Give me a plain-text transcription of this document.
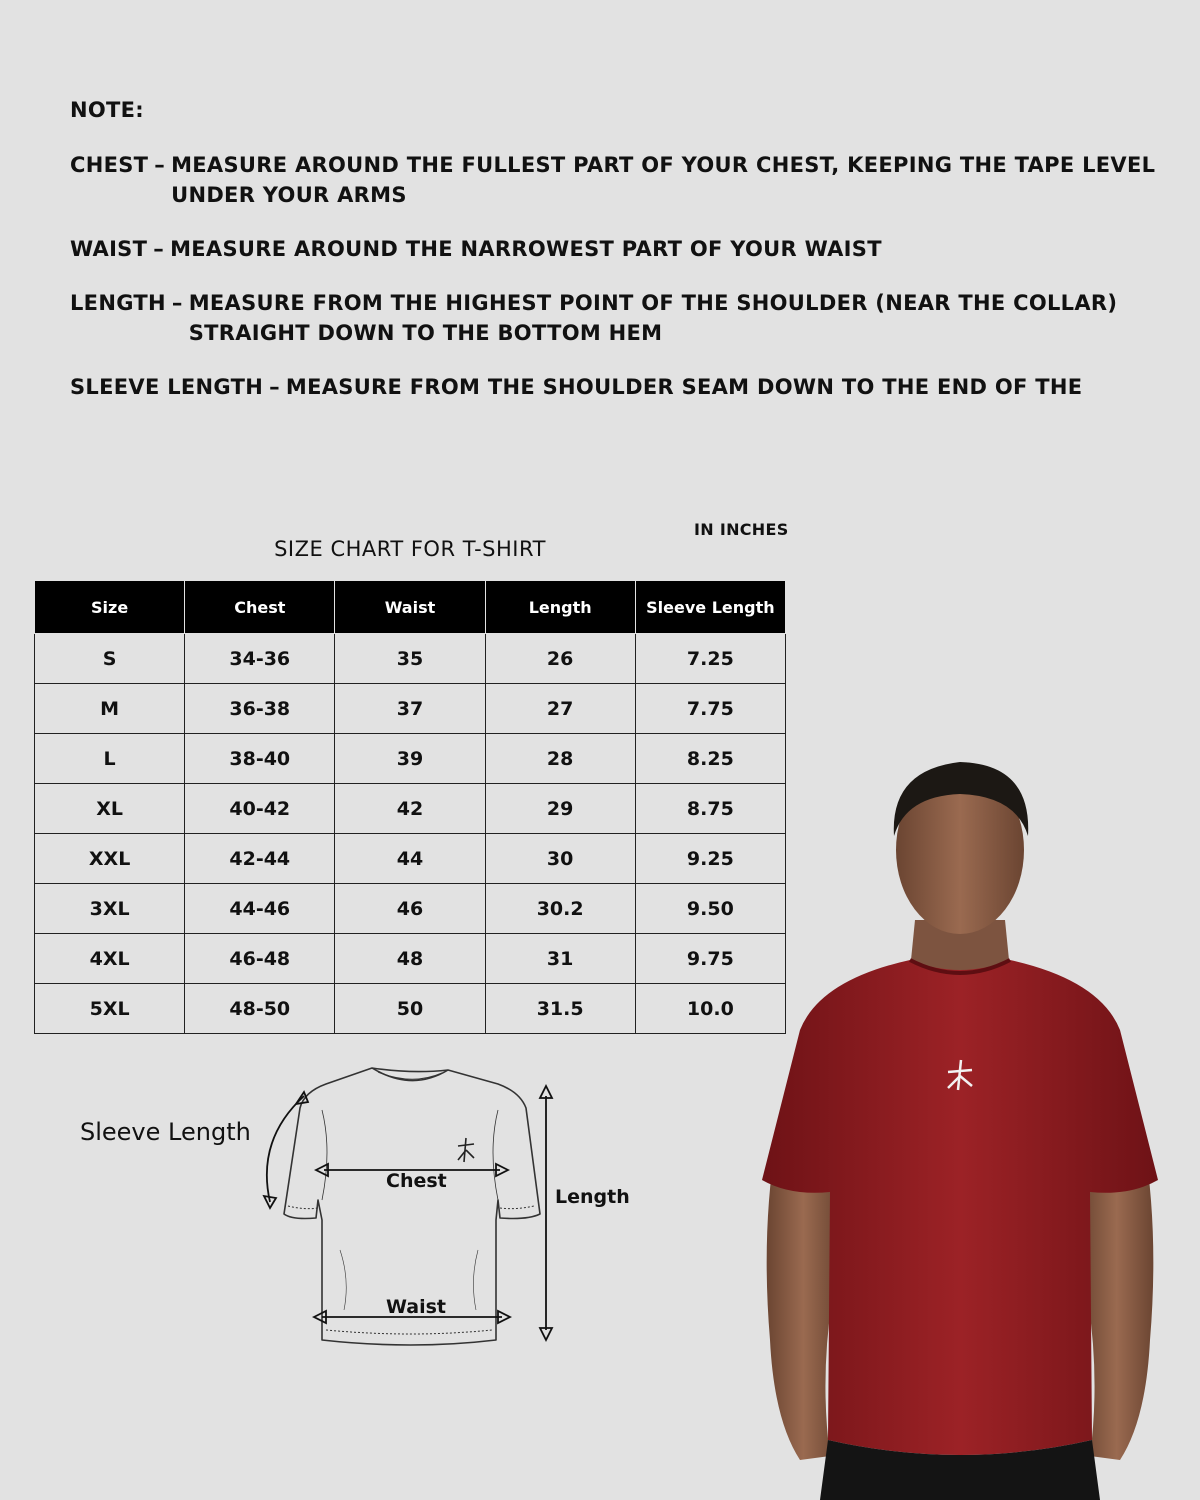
NOTE:
CHEST – MEASURE AROUND THE FULLEST PART OF YOUR CHEST, KEEPING THE TAPE LEVEL UNDER YOUR ARMS
WAIST – MEASURE AROUND THE NARROWEST PART OF YOUR WAIST
LENGTH – MEASURE FROM THE HIGHEST POINT OF THE SHOULDER (NEAR THE COLLAR) STRAIGHT DOWN TO THE BOTTOM HEM
SLEEVE LENGTH – MEASURE FROM THE SHOULDER SEAM DOWN TO THE END OF THE
IN INCHES
SIZE CHART FOR T-SHIRT
Size	Chest	Waist	Length	Sleeve Length
S	34-36	35	26	7.25
M	36-38	37	27	7.75
L	38-40	39	28	8.25
XL	40-42	42	29	8.75
XXL	42-44	44	30	9.25
3XL	44-46	46	30.2	9.50
4XL	46-48	48	31	9.75
5XL	48-50	50	31.5	10.0
Sleeve Length
Chest
Waist
Length
